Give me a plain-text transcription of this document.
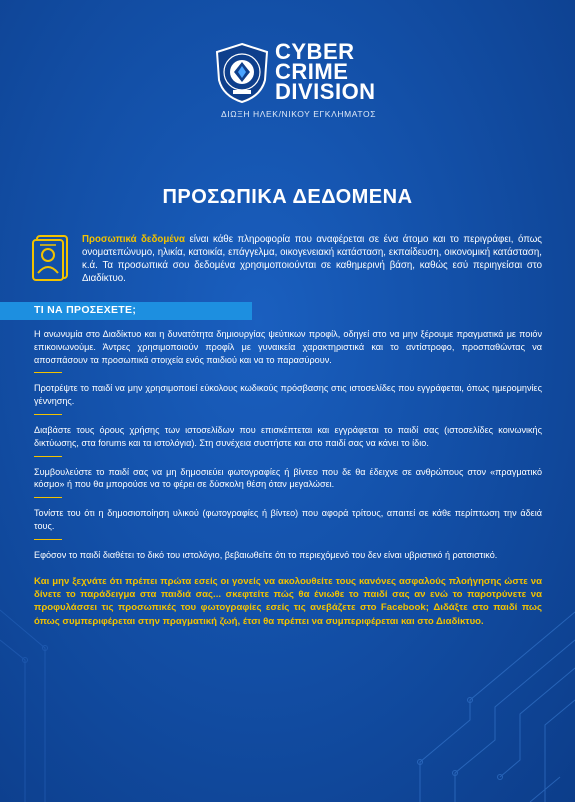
CYBER
CRIME
DIVISION
ΔΙΩΞΗ ΗΛΕΚ/ΝΙΚΟΥ ΕΓΚΛΗΜΑΤΟΣ
ΠΡΟΣΩΠΙΚΑ ΔΕΔΟΜΕΝΑ
Προσωπικά δεδομένα είναι κάθε πληροφορία που αναφέρεται σε ένα άτομο και το περιγράφει, όπως ονοματεπώνυμο, ηλικία, κατοικία, επάγγελμα, οικογενειακή κατάσταση, εκπαίδευση, οικονομική κατάσταση, κ.ά. Τα προσωπικά σου δεδομένα χρησιμοποιούνται σε καθημερινή βάση, καθώς εσύ περιηγείσαι στο Διαδίκτυο.
ΤΙ ΝΑ ΠΡΟΣΕΧΕΤΕ;
Η ανωνυμία στο Διαδίκτυο και η δυνατότητα δημιουργίας ψεύτικων προφίλ, οδηγεί στο να μην ξέρουμε πραγματικά με ποιόν επικοινωνούμε. Άντρες χρησιμοποιούν προφίλ με γυναικεία χαρακτηριστικά και το αντίστροφο, προσπαθώντας να αποσπάσουν τα προσωπικά στοιχεία ενός παιδιού και να το παρασύρουν.
Προτρέψτε το παιδί να μην χρησιμοποιεί εύκολους κωδικούς πρόσβασης στις ιστοσελίδες που εγγράφεται, όπως ημερομηνίες γέννησης.
Διαβάστε τους όρους χρήσης των ιστοσελίδων που επισκέπτεται και εγγράφεται το παιδί σας (ιστοσελίδες κοινωνικής δικτύωσης, στα forums και τα ιστολόγια). Στη συνέχεια συστήστε και στο παιδί σας να κάνει το ίδιο.
Συμβουλεύστε το παιδί σας να μη δημοσιεύει φωτογραφίες ή βίντεο που δε θα έδειχνε σε ανθρώπους στον «πραγματικό κόσμο» ή που θα μπορούσε να το φέρει σε δύσκολη θέση όταν μεγαλώσει.
Τονίστε του ότι η δημοσιοποίηση υλικού (φωτογραφίες ή βίντεο) που αφορά τρίτους, απαιτεί σε κάθε περίπτωση την άδειά τους.
Εφόσον το παιδί διαθέτει το δικό του ιστολόγιο, βεβαιωθείτε ότι το περιεχόμενό του δεν είναι υβριστικό ή ρατσιστικό.
Και μην ξεχνάτε ότι πρέπει πρώτα εσείς οι γονείς να ακολουθείτε τους κανόνες ασφαλούς πλοήγησης ώστε να δίνετε το παράδειγμα στα παιδιά σας... σκεφτείτε πώς θα ένιωθε το παιδί σας αν ενώ το παροτρύνετε να προφυλάσσει τις προσωπικές του φωτογραφίες εσείς τις ανεβάζετε στο Facebook; Διδάξτε στο παιδί πως όπως συμπεριφέρεται στην πραγματική ζωή, έτσι θα πρέπει να συμπεριφέρεται και στο Διαδίκτυο.
